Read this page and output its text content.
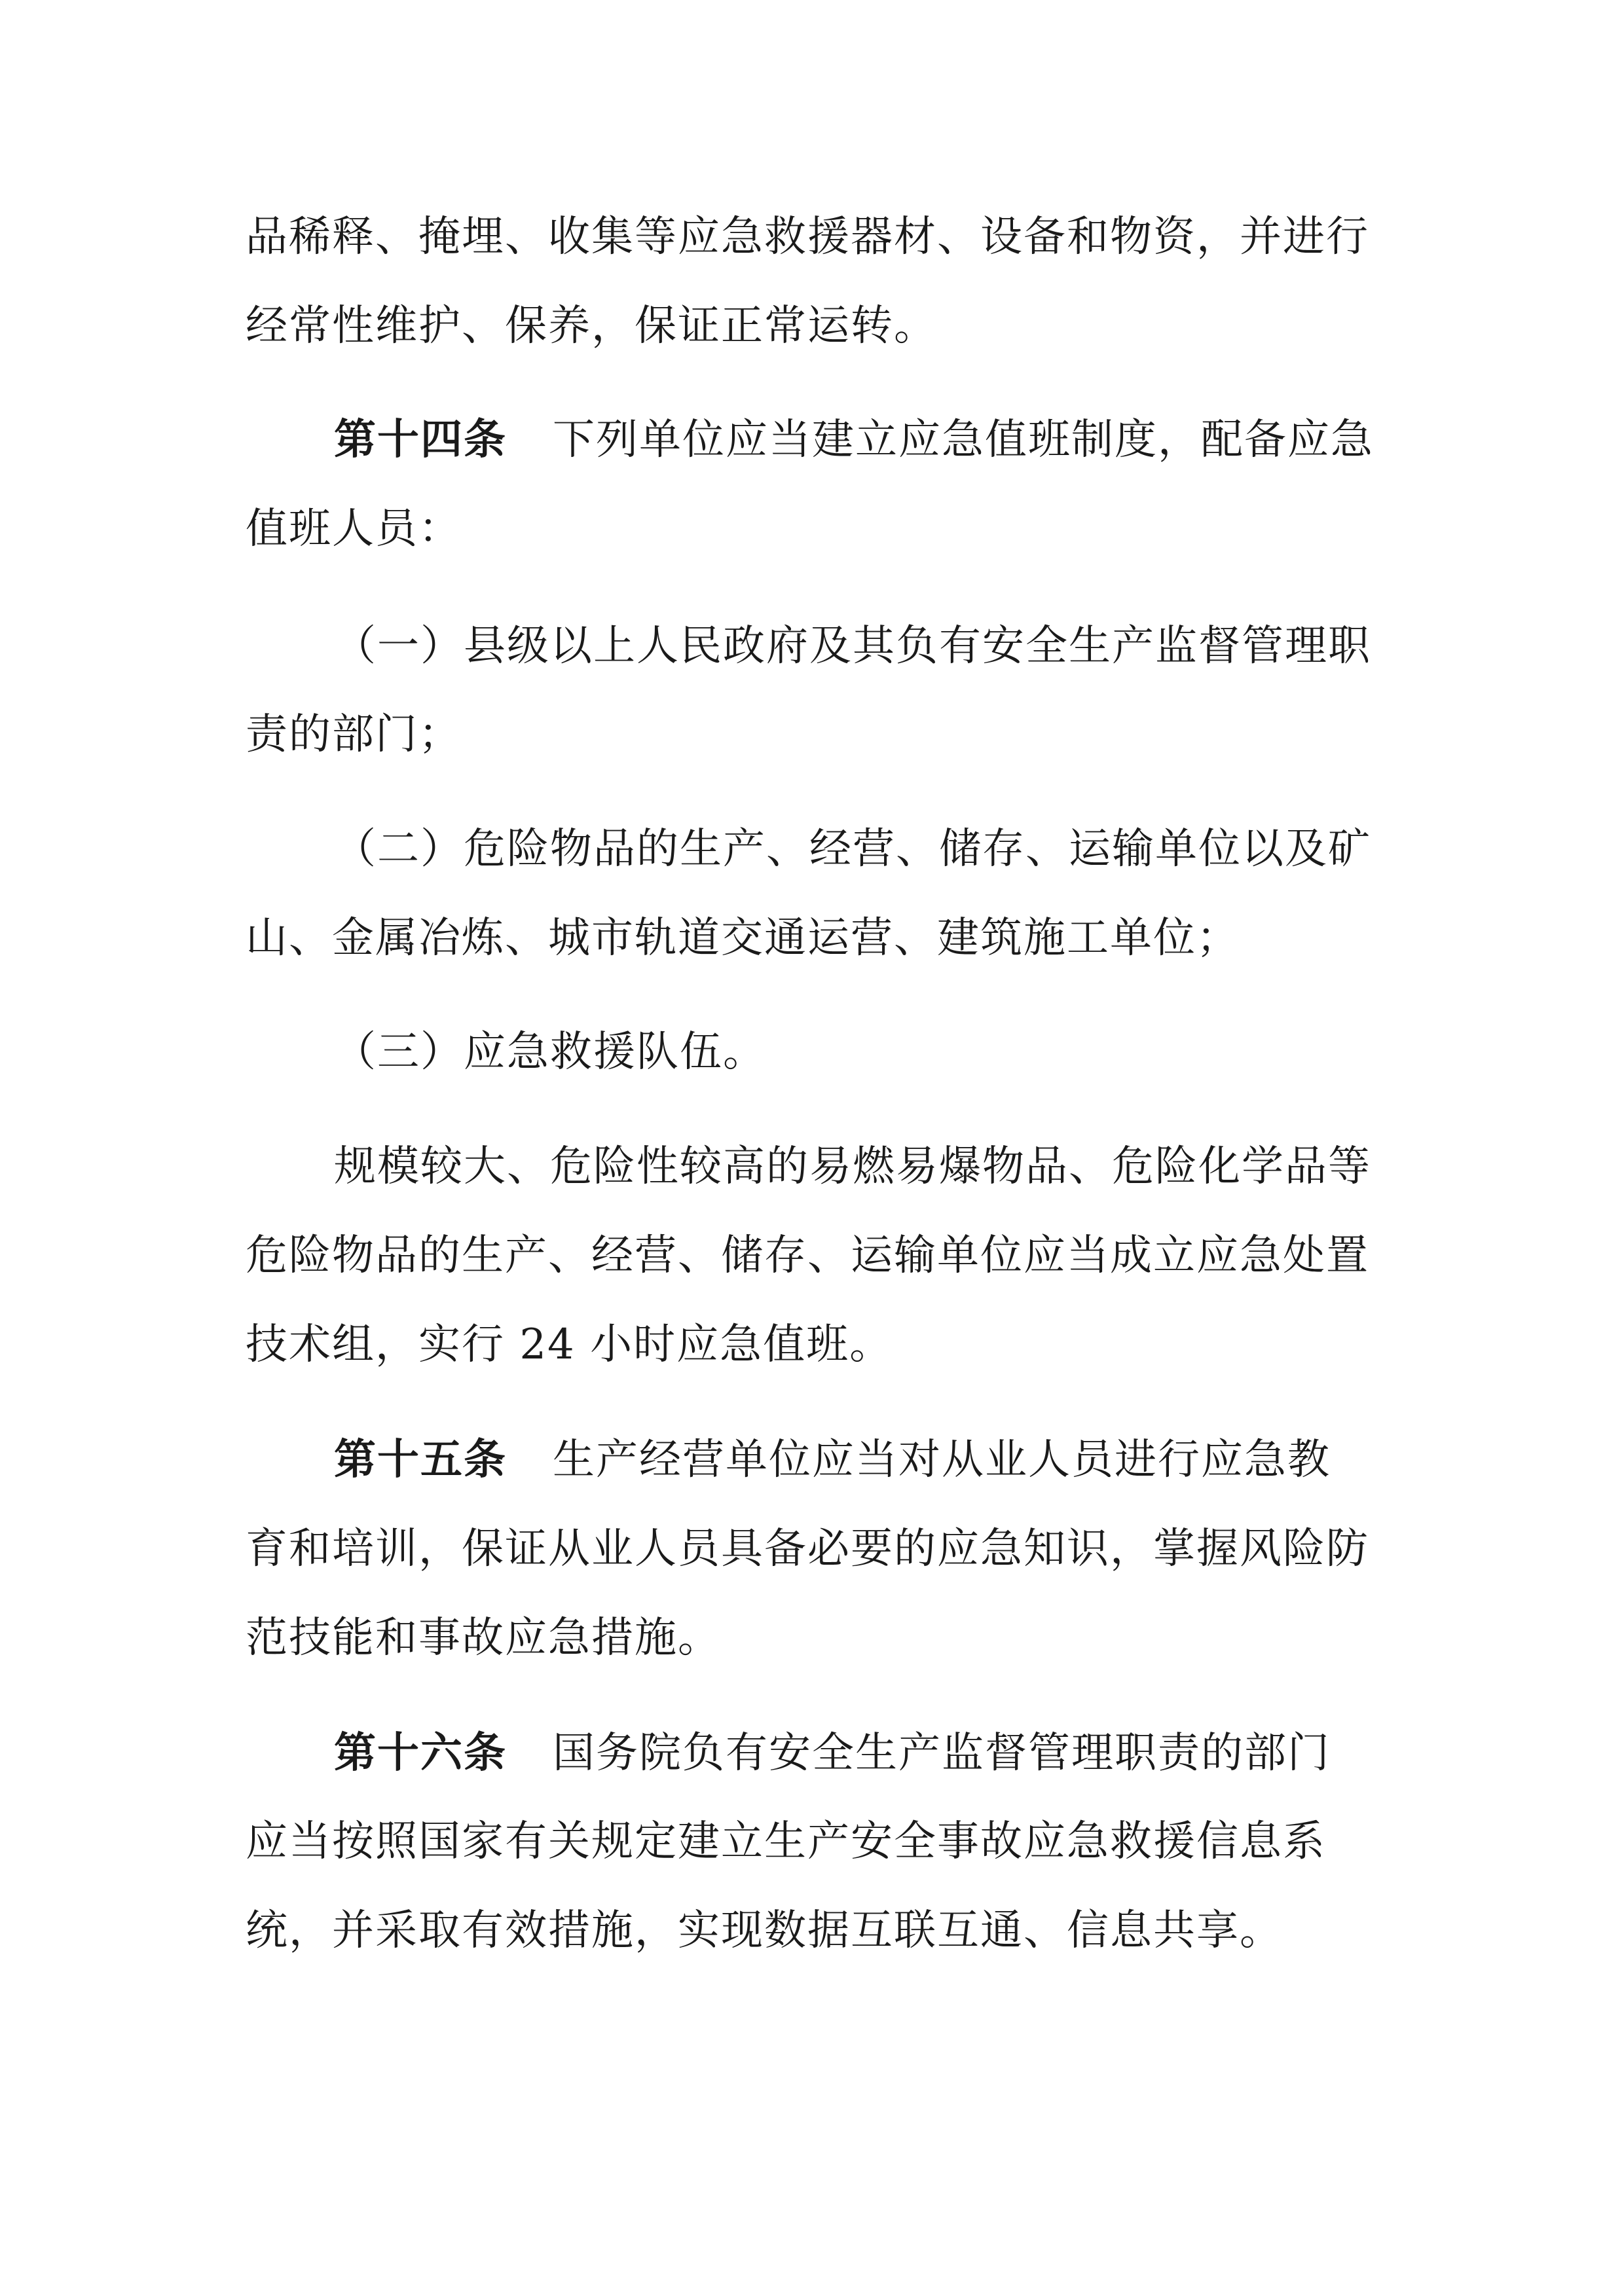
品稀释、掩埋、收集等应急救援器材、设备和物资，并进行
经常性维护、保养，保证正常运转。
第十四条 下列单位应当建立应急值班制度，配备应急
值班人员：
（一）县级以上人民政府及其负有安全生产监督管理职
责的部门；
（二）危险物品的生产、经营、储存、运输单位以及矿
山、金属冶炼、城市轨道交通运营、建筑施工单位；
（三）应急救援队伍。
规模较大、危险性较高的易燃易爆物品、危险化学品等
危险物品的生产、经营、储存、运输单位应当成立应急处置
技术组，实行 24 小时应急值班。
第十五条 生产经营单位应当对从业人员进行应急教
育和培训，保证从业人员具备必要的应急知识，掌握风险防
范技能和事故应急措施。
第十六条 国务院负有安全生产监督管理职责的部门
应当按照国家有关规定建立生产安全事故应急救援信息系
统，并采取有效措施，实现数据互联互通、信息共享。
